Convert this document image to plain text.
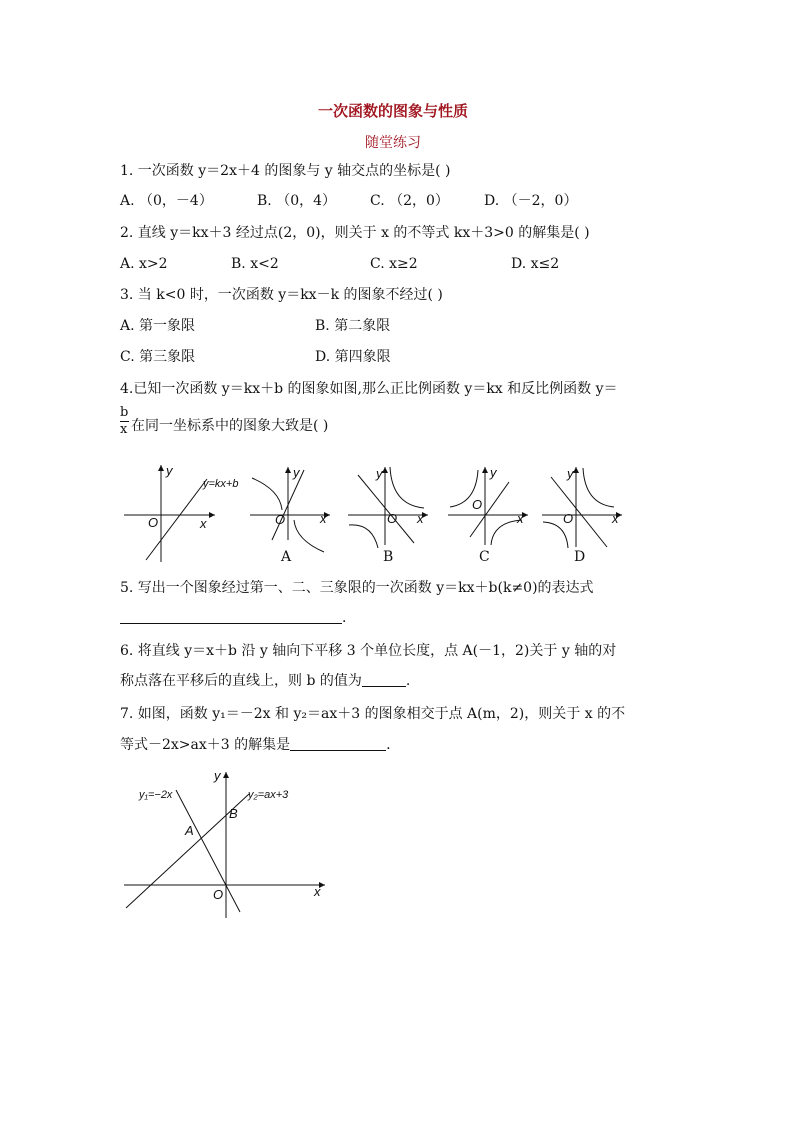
一次函数的图象与性质
随堂练习
1. 一次函数 y＝2x＋4 的图象与 y 轴交点的坐标是( )
A. （0，－4）	B. （0，4） C. （2，0）	D. （－2，0）
2. 直线 y＝kx＋3 经过点(2，0)，则关于 x 的不等式 kx＋3>0 的解集是( )
A. x>2	B. x<2	C. x≥2	D. x≤2
3. 当 k<0 时，一次函数 y＝kx－k 的图象不经过( )
A. 第一象限	B. 第二象限
C. 第三象限	D. 第四象限
4.已知一次函数 y＝kx＋b 的图象如图,那么正比例函数 y＝kx 和反比例函数 y＝
b
x 在同一坐标系中的图象大致是( )
y
y=kx+b
O	x
y
O	x
y
O x
y
O
x
y
O	x
A	B	C	D
5. 写出一个图象经过第一、二、三象限的一次函数 y＝kx＋b(k≠0)的表达式
.
6. 将直线 y＝x＋b 沿 y 轴向下平移 3 个单位长度，点 A(－1，2)关于 y 轴的对
称点落在平移后的直线上，则 b 的值为	.
7. 如图，函数 y₁＝－2x 和 y₂＝ax＋3 的图象相交于点 A(m，2)，则关于 x 的不
等式－2x>ax＋3 的解集是	.
y
y₁=−2x	y₂=ax+3
B
A
O	x
